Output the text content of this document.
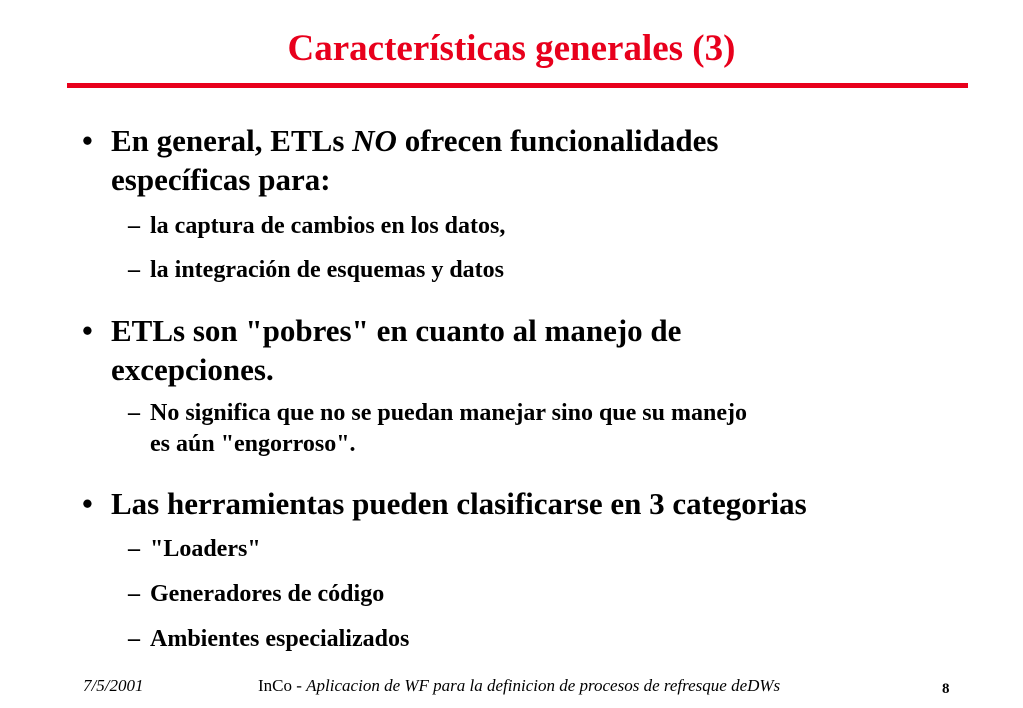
Características generales (3)
• En general, ETLs NO ofrecen funcionalidades
específicas para:
– la captura de cambios en los datos,
– la integración de esquemas y datos
• ETLs son "pobres" en cuanto al manejo de
excepciones.
– No significa que no se puedan manejar sino que su manejo
es aún "engorroso".
• Las herramientas pueden clasificarse en 3 categorias
– "Loaders"
– Generadores de código
– Ambientes especializados
7/5/2001	InCo - Aplicacion de WF para la definicion de procesos de refresque deDWs	8
